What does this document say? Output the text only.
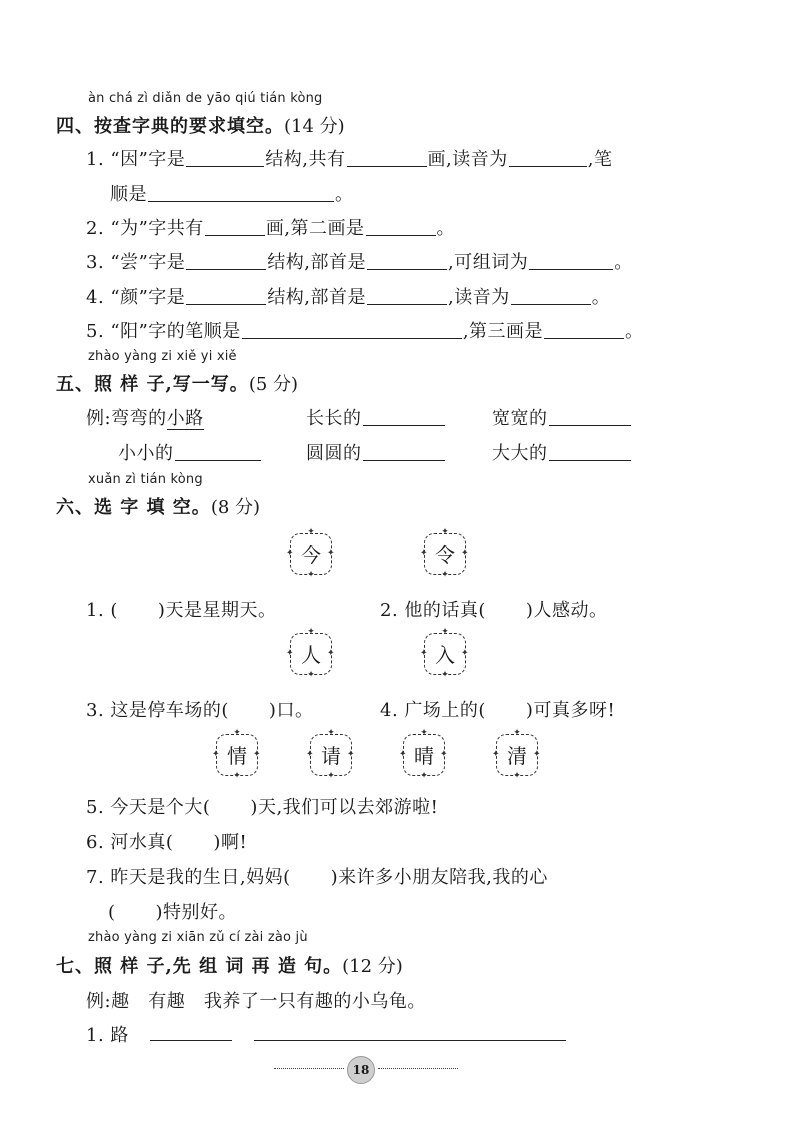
àn chá zì diǎn de yāo qiú tián kòng
四、按查字典的要求填空。(14 分)
1. “因”字是	结构,共有	画,读音为	,笔
顺是	。
2. “为”字共有	画,第二画是	。
3. “尝”字是	结构,部首是	,可组词为	。
4. “颜”字是	结构,部首是	,读音为	。
5. “阳”字的笔顺是	,第三画是	。
zhào yàng zi xiě yi xiě
五、照 样 子,写一写。(5 分)
例:弯弯的小路	长长的	宽宽的
小小的	圆圆的	大大的
xuǎn zì tián kòng
六、选 字 填 空。(8 分)
今
✦
✦
✦	✦	令
✦
✦
✦	✦
1. ( )天是星期天。	2. 他的话真( )人感动。
人
✦
✦
✦	✦	入
✦
✦
✦	✦
3. 这是停车场的( )口。	4. 广场上的( )可真多呀!
情
✦
✦
✦	✦	请
✦
✦
✦	✦	晴
✦
✦
✦	✦	清
✦
✦
✦	✦
5. 今天是个大( )天,我们可以去郊游啦!
6. 河水真( )啊!
7. 昨天是我的生日,妈妈( )来许多小朋友陪我,我的心
( )特别好。
zhào yàng zi xiān zǔ cí zài zào jù
七、照 样 子,先 组 词 再 造 句。(12 分)
例:趣   有趣   我养了一只有趣的小乌龟。
1. 路
18
